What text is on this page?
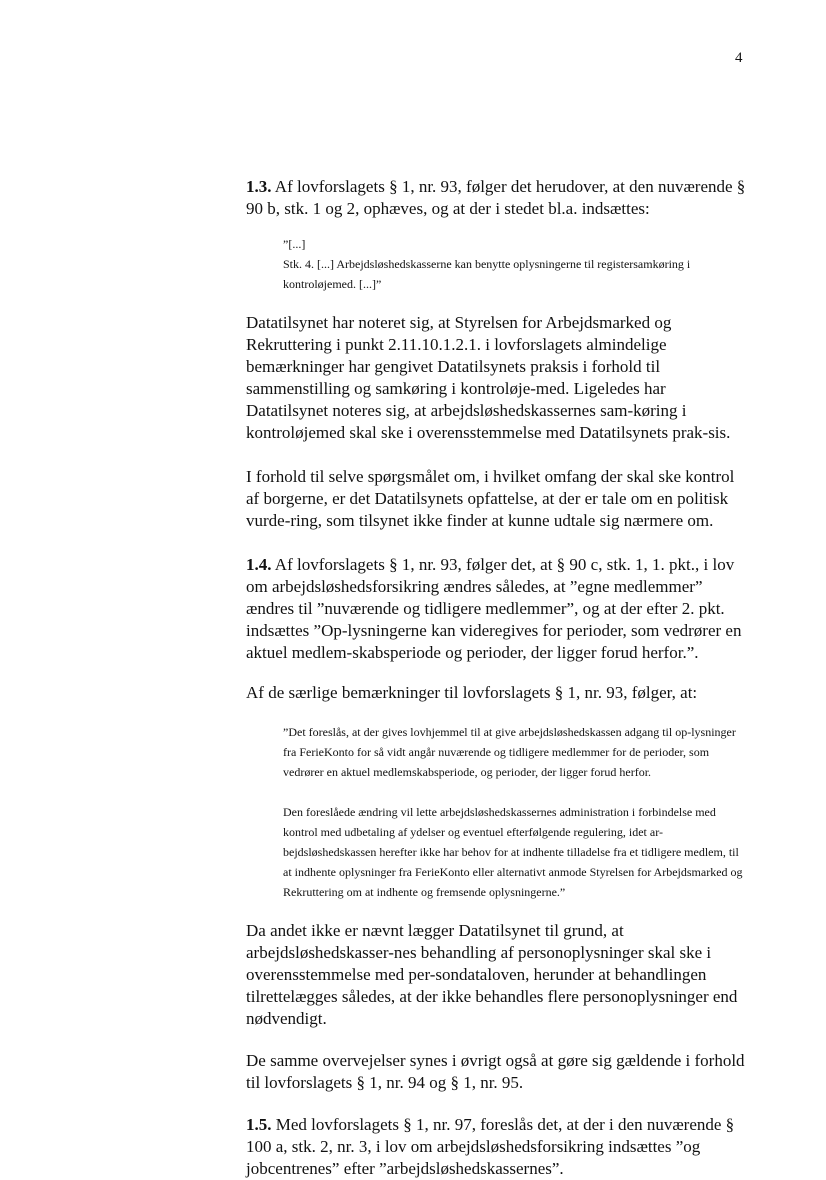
4

1.3. Af lovforslagets § 1, nr. 93, følger det herudover, at den nuværende § 90 b, stk. 1 og 2, ophæves, og at der i stedet bl.a. indsættes:

”[...]

Stk. 4. [...] Arbejdsløshedskasserne kan benytte oplysningerne til registersamkøring i kontroløjemed. [...]”

Datatilsynet har noteret sig, at Styrelsen for Arbejdsmarked og Rekruttering i punkt 2.11.10.1.2.1. i lovforslagets almindelige bemærkninger har gengivet Datatilsynets praksis i forhold til sammenstilling og samkøring i kontroløje-med. Ligeledes har Datatilsynet noteres sig, at arbejdsløshedskassernes sam-køring i kontroløjemed skal ske i overensstemmelse med Datatilsynets prak-sis.

I forhold til selve spørgsmålet om, i hvilket omfang der skal ske kontrol af borgerne, er det Datatilsynets opfattelse, at der er tale om en politisk vurde-ring, som tilsynet ikke finder at kunne udtale sig nærmere om.

1.4. Af lovforslagets § 1, nr. 93, følger det, at § 90 c, stk. 1, 1. pkt., i lov om arbejdsløshedsforsikring ændres således, at ”egne medlemmer” ændres til ”nuværende og tidligere medlemmer”, og at der efter 2. pkt. indsættes ”Op-lysningerne kan videregives for perioder, som vedrører en aktuel medlem-skabsperiode og perioder, der ligger forud herfor.”.

Af de særlige bemærkninger til lovforslagets § 1, nr. 93, følger, at:

”Det foreslås, at der gives lovhjemmel til at give arbejdsløshedskassen adgang til op-lysninger fra FerieKonto for så vidt angår nuværende og tidligere medlemmer for de perioder, som vedrører en aktuel medlemskabsperiode, og perioder, der ligger forud herfor.

Den foreslåede ændring vil lette arbejdsløshedskassernes administration i forbindelse med kontrol med udbetaling af ydelser og eventuel efterfølgende regulering, idet ar-bejdsløshedskassen herefter ikke har behov for at indhente tilladelse fra et tidligere medlem, til at indhente oplysninger fra FerieKonto eller alternativt anmode Styrelsen for Arbejdsmarked og Rekruttering om at indhente og fremsende oplysningerne.”

Da andet ikke er nævnt lægger Datatilsynet til grund, at arbejdsløshedskasser-nes behandling af personoplysninger skal ske i overensstemmelse med per-sondataloven, herunder at behandlingen tilrettelægges således, at der ikke behandles flere personoplysninger end nødvendigt.

De samme overvejelser synes i øvrigt også at gøre sig gældende i forhold til lovforslagets § 1, nr. 94 og § 1, nr. 95.

1.5. Med lovforslagets § 1, nr. 97, foreslås det, at der i den nuværende § 100 a, stk. 2, nr. 3, i lov om arbejdsløshedsforsikring indsættes ”og jobcentrenes” efter ”arbejdsløshedskassernes”.
